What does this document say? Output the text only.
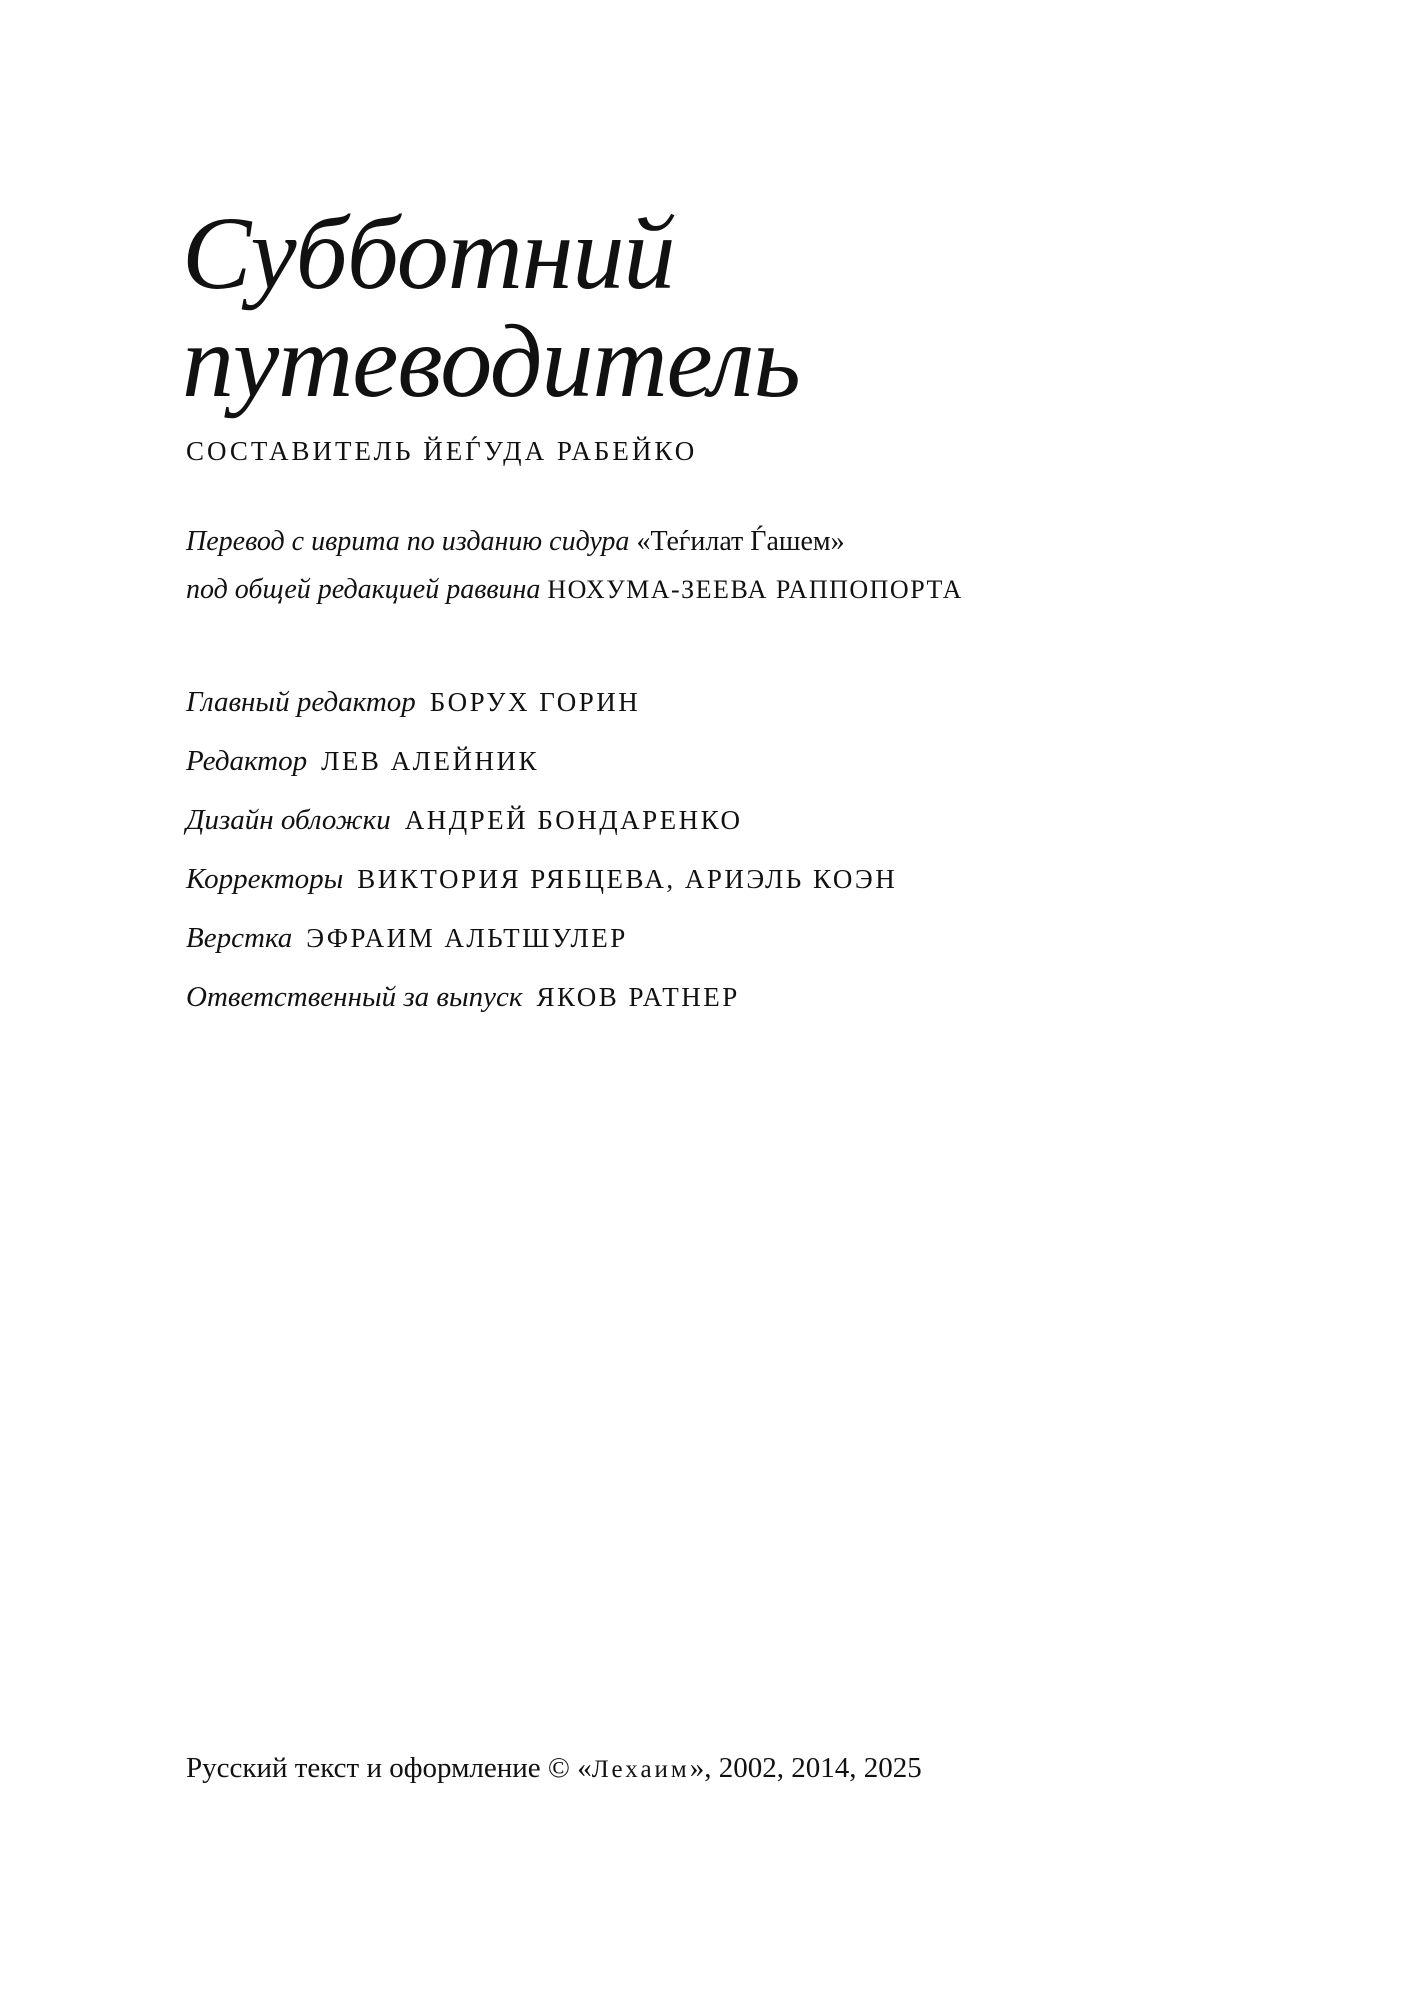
Субботний
путеводитель
СОСТАВИТЕЛЬ ЙЕЃУДА РАБЕЙКО
Перевод с иврита по изданию сидура «Теѓилат Ѓашем»
под общей редакцией раввина НОХУМА-ЗЕЕВА РАППОПОРТА
Главный редактор БОРУХ ГОРИН
Редактор ЛЕВ АЛЕЙНИК
Дизайн обложки АНДРЕЙ БОНДАРЕНКО
Корректоры ВИКТОРИЯ РЯБЦЕВА, АРИЭЛЬ КОЭН
Верстка ЭФРАИМ АЛЬТШУЛЕР
Ответственный за выпуск ЯКОВ РАТНЕР
Русский текст и оформление © «Лехаим», 2002, 2014, 2025
